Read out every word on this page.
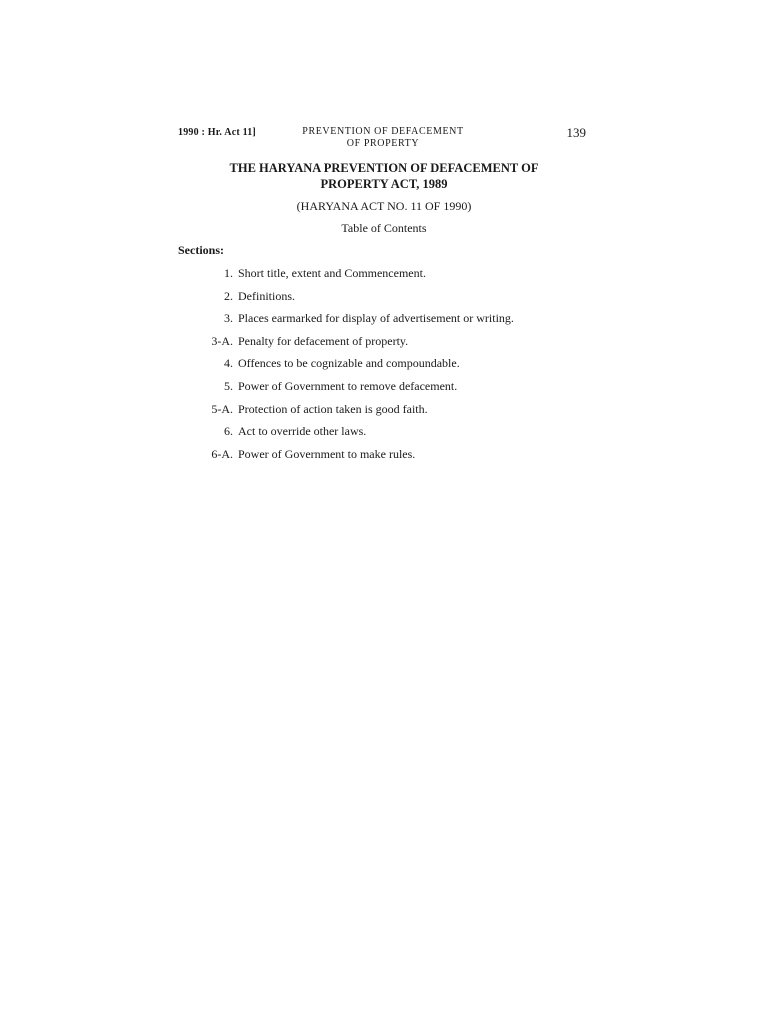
1990 : Hr. Act 11]	PREVENTION OF DEFACEMENT
OF PROPERTY
139
THE HARYANA PREVENTION OF DEFACEMENT OF
PROPERTY ACT, 1989
(HARYANA ACT NO. 11 OF 1990)
Table of Contents
Sections:
1. Short title, extent and Commencement.
2. Definitions.
3. Places earmarked for display of advertisement or writing.
3-A. Penalty for defacement of property.
4. Offences to be cognizable and compoundable.
5. Power of Government to remove defacement.
5-A. Protection of action taken is good faith.
6. Act to override other laws.
6-A. Power of Government to make rules.
